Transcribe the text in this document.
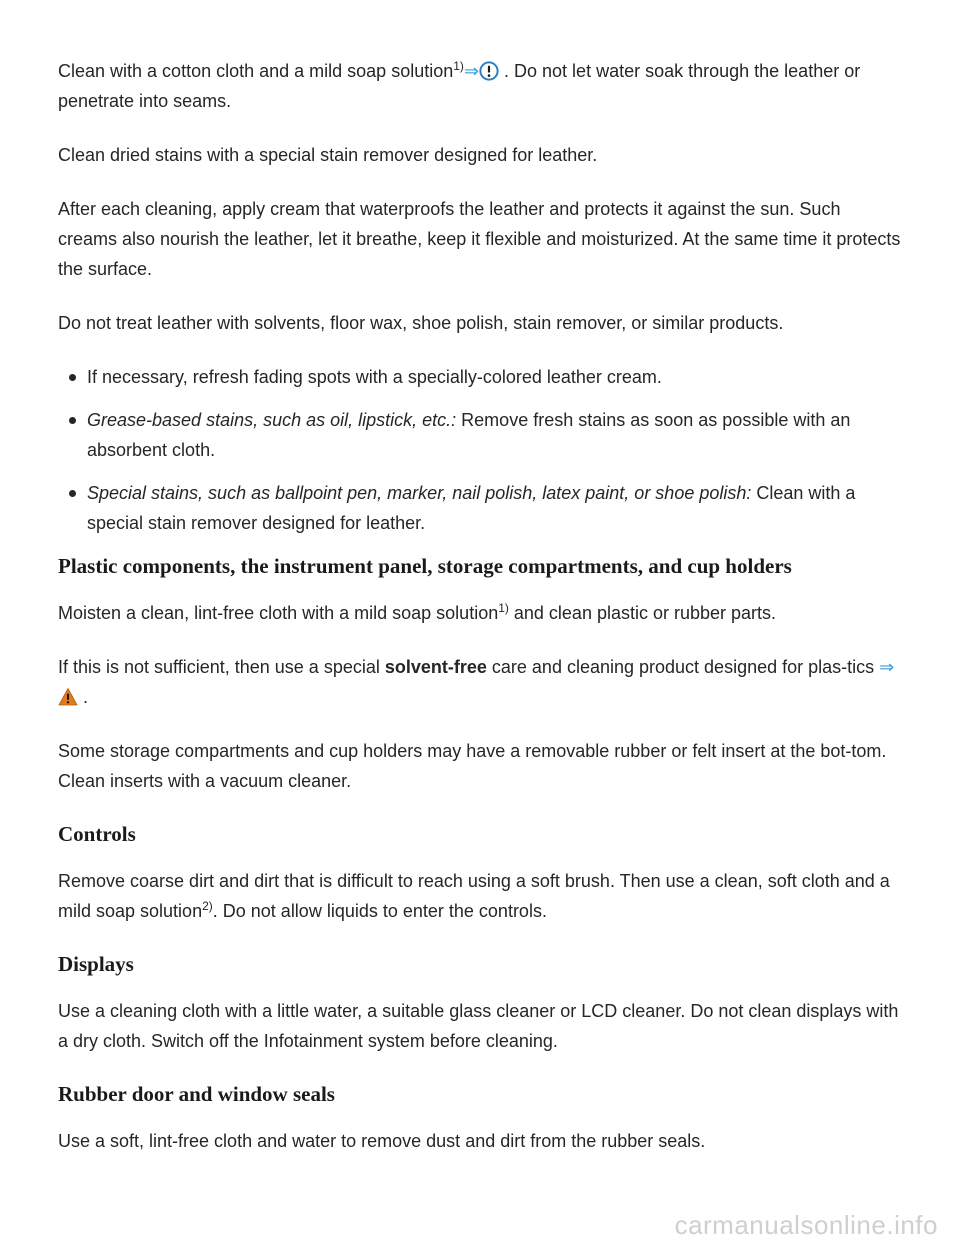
Clean with a cotton cloth and a mild soap solution$^{1)}$⇒ . Do not let water soak through the leather or penetrate into seams.

Clean dried stains with a special stain remover designed for leather.

After each cleaning, apply cream that waterproofs the leather and protects it against the sun. Such creams also nourish the leather, let it breathe, keep it flexible and moisturized. At the same time it protects the surface.

Do not treat leather with solvents, floor wax, shoe polish, stain remover, or similar products.

If necessary, refresh fading spots with a specially-colored leather cream.
Grease-based stains, such as oil, lipstick, etc.: Remove fresh stains as soon as possible with an absorbent cloth.
Special stains, such as ballpoint pen, marker, nail polish, latex paint, or shoe polish: Clean with a special stain remover designed for leather.
Plastic components, the instrument panel, storage compartments, and cup holders

Moisten a clean, lint-free cloth with a mild soap solution$^{1)}$ and clean plastic or rubber parts.

If this is not sufficient, then use a special solvent-free care and cleaning product designed for plas-tics ⇒ .

Some storage compartments and cup holders may have a removable rubber or felt insert at the bot-tom. Clean inserts with a vacuum cleaner.

Controls

Remove coarse dirt and dirt that is difficult to reach using a soft brush. Then use a clean, soft cloth and a mild soap solution$^{2)}$. Do not allow liquids to enter the controls.

Displays

Use a cleaning cloth with a little water, a suitable glass cleaner or LCD cleaner. Do not clean displays with a dry cloth. Switch off the Infotainment system before cleaning.

Rubber door and window seals

Use a soft, lint-free cloth and water to remove dust and dirt from the rubber seals.

carmanualsonline.info
